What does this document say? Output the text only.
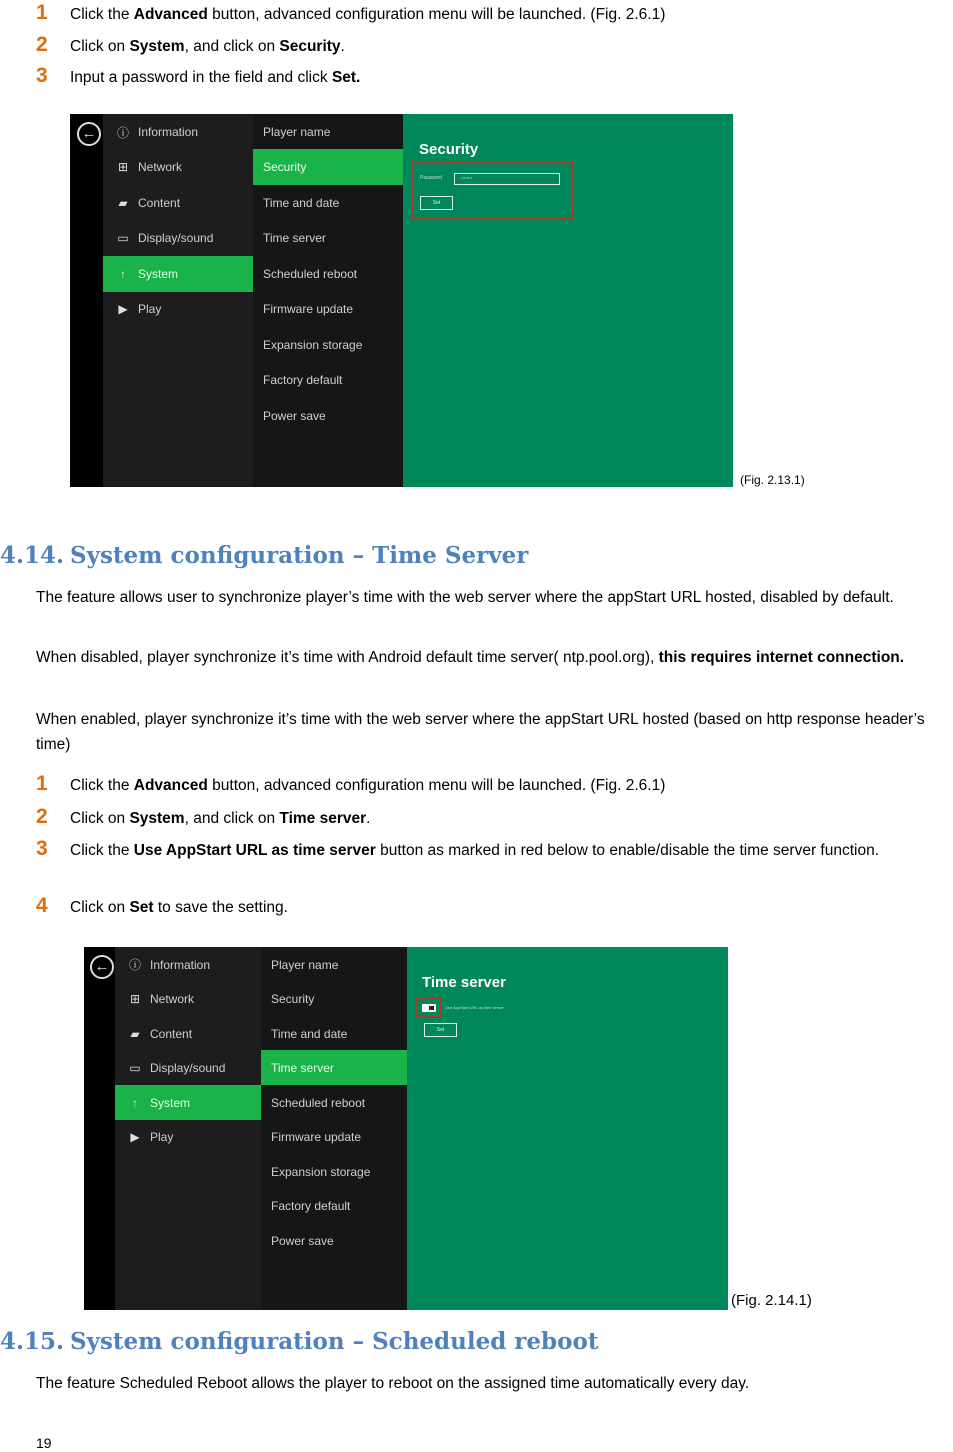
1	Click the Advanced button, advanced configuration menu will be launched. (Fig. 2.6.1)
2	Click on System, and click on Security.
3	Input a password in the field and click Set.
←	ⓘ Information
⊞ Network
▰ Content
▭ Display/sound
↑	System
▶ Play
Player name
Security
Time and date
Time server
Scheduled reboot
Firmware update
Expansion storage
Factory default
Power save
Security
Password	••••••••
Set
(Fig. 2.13.1)
4.14. System configuration – Time Server
The feature allows user to synchronize player’s time with the web server where the appStart URL hosted, disabled by default.
When disabled, player synchronize it’s time with Android default time server( ntp.pool.org), this requires internet connection.
When enabled, player synchronize it’s time with the web server where the appStart URL hosted (based on http response header’s time)
1	Click the Advanced button, advanced configuration menu will be launched. (Fig. 2.6.1)
2	Click on System, and click on Time server.
3	Click the Use AppStart URL as time server button as marked in red below to enable/disable the time server function.
4	Click on Set to save the setting.
←	ⓘ Information
⊞ Network
▰ Content
▭ Display/sound
↑	System
▶ Play
Player name
Security
Time and date
Time server
Scheduled reboot
Firmware update
Expansion storage
Factory default
Power save
Time server
Use AppStart URL as time server
Set
(Fig. 2.14.1)
4.15. System configuration – Scheduled reboot
The feature Scheduled Reboot allows the player to reboot on the assigned time automatically every day.
19
